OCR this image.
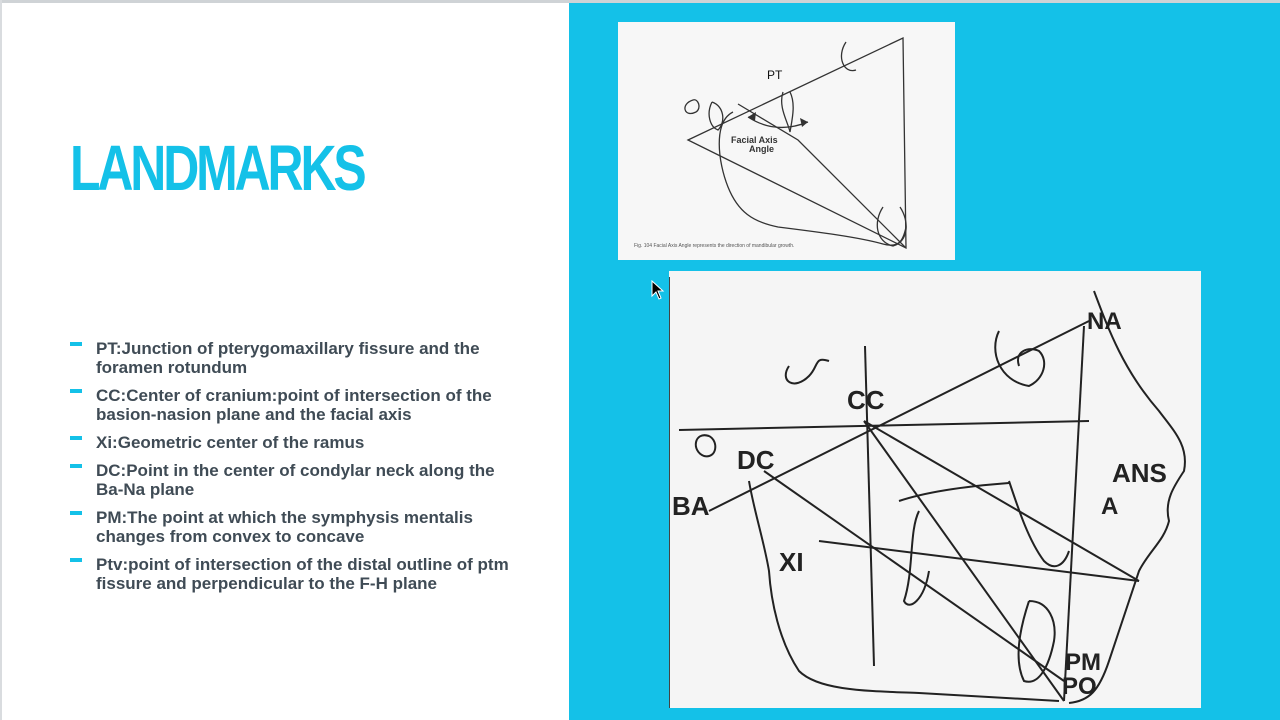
LANDMARKS
PT:Junction of pterygomaxillary fissure and the foramen rotundum
CC:Center of cranium:point of intersection of the basion-nasion plane and the facial axis
Xi:Geometric center of the ramus
DC:Point in the center of condylar neck along the Ba-Na plane
PM:The point at which the symphysis mentalis changes from convex to concave
Ptv:point of intersection of the distal outline of ptm fissure and perpendicular to the F-H plane
PT
Facial Axis
Angle
Fig. 104 Facial Axis Angle represents the direction of mandibular growth.
NA
CC
DC
BA
ANS
A
XI
PM
PO
